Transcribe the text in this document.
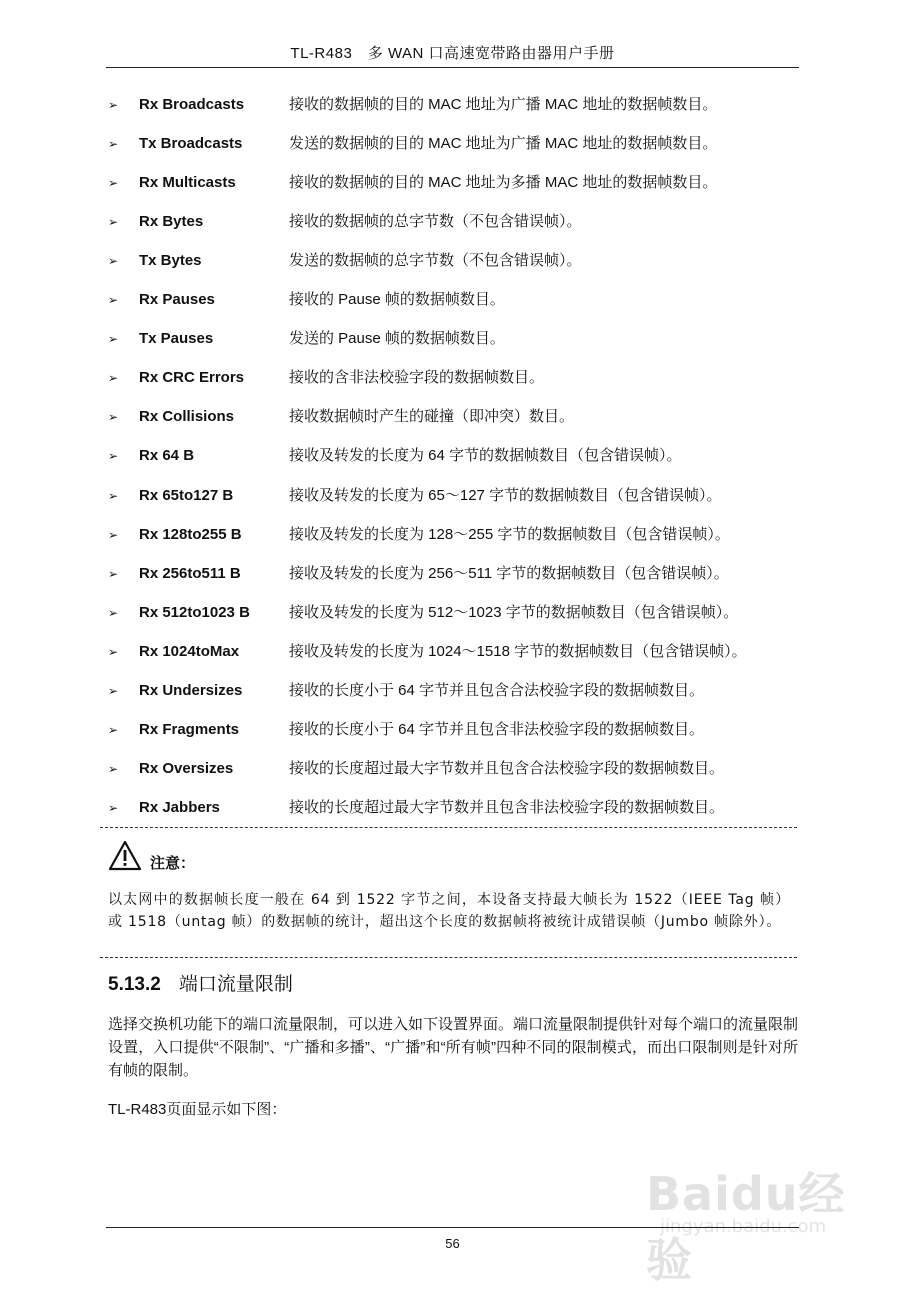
TL-R483　多 WAN 口高速宽带路由器用户手册
➢ Rx Broadcasts	接收的数据帧的目的 MAC 地址为广播 MAC 地址的数据帧数目。
➢ Tx Broadcasts	发送的数据帧的目的 MAC 地址为广播 MAC 地址的数据帧数目。
➢ Rx Multicasts	接收的数据帧的目的 MAC 地址为多播 MAC 地址的数据帧数目。
➢ Rx Bytes	接收的数据帧的总字节数（不包含错误帧）。
➢ Tx Bytes	发送的数据帧的总字节数（不包含错误帧）。
➢ Rx Pauses	接收的 Pause 帧的数据帧数目。
➢ Tx Pauses	发送的 Pause 帧的数据帧数目。
➢ Rx CRC Errors	接收的含非法校验字段的数据帧数目。
➢ Rx Collisions	接收数据帧时产生的碰撞（即冲突）数目。
➢ Rx 64 B	接收及转发的长度为 64 字节的数据帧数目（包含错误帧）。
➢ Rx 65to127 B	接收及转发的长度为 65～127 字节的数据帧数目（包含错误帧）。
➢ Rx 128to255 B	接收及转发的长度为 128～255 字节的数据帧数目（包含错误帧）。
➢ Rx 256to511 B	接收及转发的长度为 256～511 字节的数据帧数目（包含错误帧）。
➢ Rx 512to1023 B	接收及转发的长度为 512～1023 字节的数据帧数目（包含错误帧）。
➢ Rx 1024toMax	接收及转发的长度为 1024～1518 字节的数据帧数目（包含错误帧）。
➢ Rx Undersizes	接收的长度小于 64 字节并且包含合法校验字段的数据帧数目。
➢ Rx Fragments	接收的长度小于 64 字节并且包含非法校验字段的数据帧数目。
➢ Rx Oversizes	接收的长度超过最大字节数并且包含合法校验字段的数据帧数目。
➢ Rx Jabbers	接收的长度超过最大字节数并且包含非法校验字段的数据帧数目。
注意：
以太网中的数据帧长度一般在 64 到 1522 字节之间，本设备支持最大帧长为 1522（IEEE Tag 帧）或 1518（untag 帧）的数据帧的统计，超出这个长度的数据帧将被统计成错误帧（Jumbo 帧除外）。
5.13.2 端口流量限制
选择交换机功能下的端口流量限制，可以进入如下设置界面。端口流量限制提供针对每个端口的流量限制设置，入口提供“不限制”、“广播和多播”、“广播”和“所有帧”四种不同的限制模式，而出口限制则是针对所有帧的限制。
TL-R483页面显示如下图：
Baidu经验
jingyan.baidu.com
56
